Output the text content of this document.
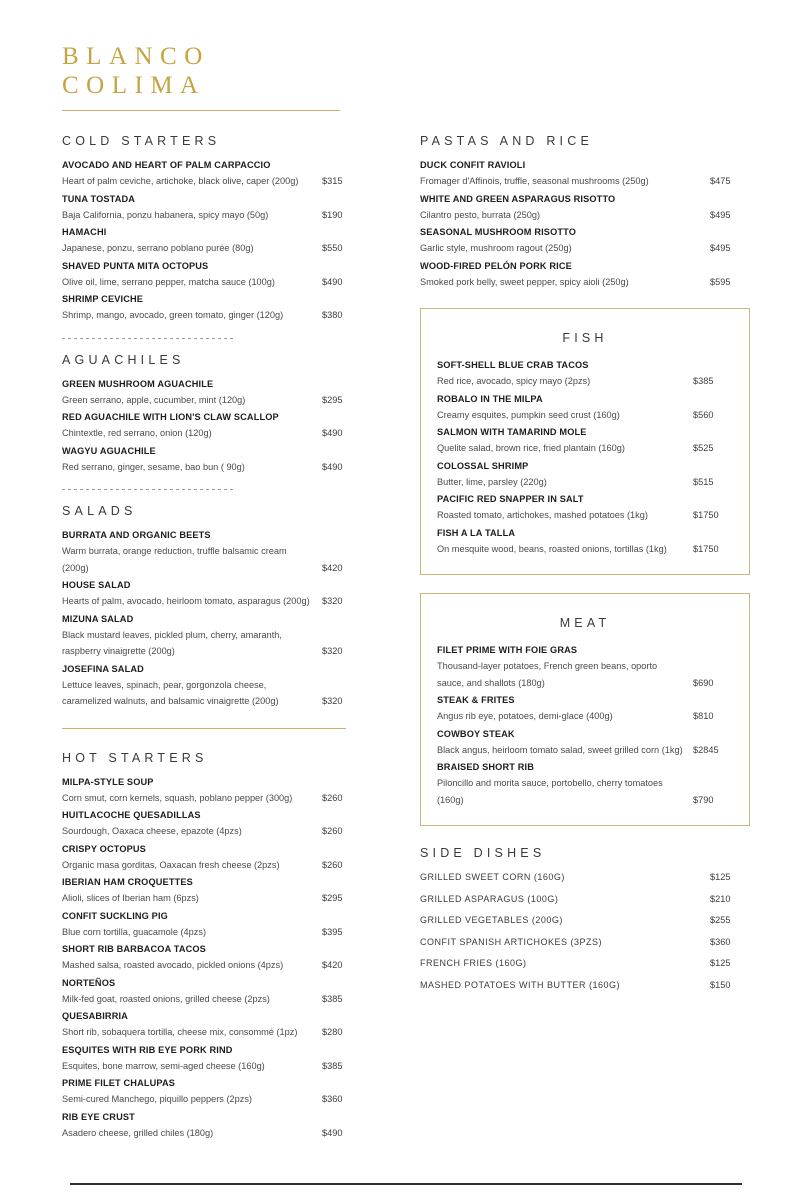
BLANCO
COLIMA
COLD STARTERS
AVOCADO AND HEART OF PALM CARPACCIO
Heart of palm ceviche, artichoke, black olive, caper (200g)	$315
TUNA TOSTADA
Baja California, ponzu habanera, spicy mayo (50g)	$190
HAMACHI
Japanese, ponzu, serrano poblano purée (80g)	$550
SHAVED PUNTA MITA OCTOPUS
Olive oil, lime, serrano pepper, matcha sauce (100g)	$490
SHRIMP CEVICHE
Shrimp, mango, avocado, green tomato, ginger (120g)	$380
AGUACHILES
GREEN MUSHROOM AGUACHILE
Green serrano, apple, cucumber, mint (120g)	$295
RED AGUACHILE WITH LION'S CLAW SCALLOP
Chintextle, red serrano, onion (120g)	$490
WAGYU AGUACHILE
Red serrano, ginger, sesame, bao bun ( 90g)	$490
SALADS
BURRATA AND ORGANIC BEETS
Warm burrata, orange reduction, truffle balsamic cream (200g)	$420
HOUSE SALAD
Hearts of palm, avocado, heirloom tomato, asparagus (200g)	$320
MIZUNA SALAD
Black mustard leaves, pickled plum, cherry, amaranth, raspberry vinaigrette (200g)	$320
JOSEFINA SALAD
Lettuce leaves, spinach, pear, gorgonzola cheese, caramelized walnuts, and balsamic vinaigrette (200g)	$320
HOT STARTERS
MILPA-STYLE SOUP
Corn smut, corn kernels, squash, poblano pepper (300g)	$260
HUITLACOCHE QUESADILLAS
Sourdough, Oaxaca cheese, epazote (4pzs)	$260
CRISPY OCTOPUS
Organic masa gorditas, Oaxacan fresh cheese (2pzs)	$260
IBERIAN HAM CROQUETTES
Alioli, slices of Iberian ham (6pzs)	$295
CONFIT SUCKLING PIG
Blue corn tortilla, guacamole (4pzs)	$395
SHORT RIB BARBACOA TACOS
Mashed salsa, roasted avocado, pickled onions (4pzs)	$420
NORTEÑOS
Milk-fed goat, roasted onions, grilled cheese (2pzs)	$385
QUESABIRRIA
Short rib, sobaquera tortilla, cheese mix, consommé (1pz)	$280
ESQUITES WITH RIB EYE PORK RIND
Esquites, bone marrow, semi-aged cheese (160g)	$385
PRIME FILET CHALUPAS
Semi-cured Manchego, piquillo peppers (2pzs)	$360
RIB EYE CRUST
Asadero cheese, grilled chiles (180g)	$490
PASTAS AND RICE
DUCK CONFIT RAVIOLI
Fromager d'Affinois, truffle, seasonal mushrooms (250g)	$475
WHITE AND GREEN ASPARAGUS RISOTTO
Cilantro pesto, burrata (250g)	$495
SEASONAL MUSHROOM RISOTTO
Garlic style, mushroom ragout (250g)	$495
WOOD-FIRED PELÓN PORK RICE
Smoked pork belly, sweet pepper, spicy aioli (250g)	$595
FISH
SOFT-SHELL BLUE CRAB TACOS
Red rice, avocado, spicy mayo (2pzs)	$385
ROBALO IN THE MILPA
Creamy esquites, pumpkin seed crust (160g)	$560
SALMON WITH TAMARIND MOLE
Quelite salad, brown rice, fried plantain (160g)	$525
COLOSSAL SHRIMP
Butter, lime, parsley (220g)	$515
PACIFIC RED SNAPPER IN SALT
Roasted tomato, artichokes, mashed potatoes (1kg)	$1750
FISH A LA TALLA
On mesquite wood, beans, roasted onions, tortillas (1kg)	$1750
MEAT
FILET PRIME WITH FOIE GRAS
Thousand-layer potatoes, French green beans, oporto sauce, and shallots (180g)	$690
STEAK & FRITES
Angus rib eye, potatoes, demi-glace (400g)	$810
COWBOY STEAK
Black angus, heirloom tomato salad, sweet grilled corn (1kg)	$2845
BRAISED SHORT RIB
Piloncillo and morita sauce, portobello, cherry tomatoes (160g)	$790
SIDE DISHES
GRILLED SWEET CORN (160G)	$125
GRILLED ASPARAGUS (100G)	$210
GRILLED VEGETABLES (200G)	$255
CONFIT SPANISH ARTICHOKES (3PZS)	$360
FRENCH FRIES (160G)	$125
MASHED POTATOES WITH BUTTER (160G)	$150
